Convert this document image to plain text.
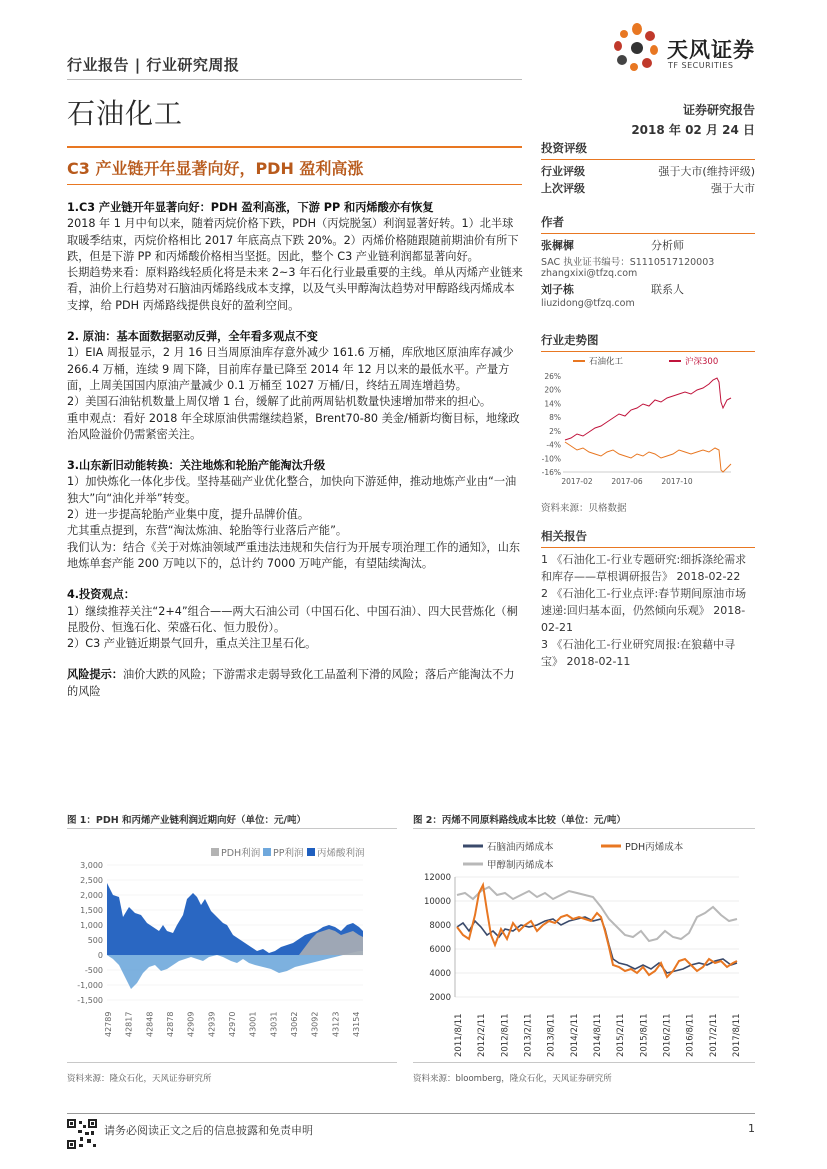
行业报告 | 行业研究周报
石油化工
天风证券
TF SECURITIES
证券研究报告
2018 年 02 月 24 日
C3 产业链开年显著向好，PDH 盈利高涨

1.C3 产业链开年显著向好：PDH 盈利高涨，下游 PP 和丙烯酸亦有恢复

2018 年 1 月中旬以来，随着丙烷价格下跌，PDH（丙烷脱氢）利润显著好转。1）北半球取暖季结束，丙烷价格相比 2017 年底高点下跌 20%。2）丙烯价格随跟随前期油价有所下跌，但是下游 PP 和丙烯酸价格相当坚挺。因此，整个 C3 产业链利润都显著向好。

长期趋势来看：原料路线轻质化将是未来 2~3 年石化行业最重要的主线。单从丙烯产业链来看，油价上行趋势对石脑油丙烯路线成本支撑，以及气头甲醇淘汰趋势对甲醇路线丙烯成本支撑，给 PDH 丙烯路线提供良好的盈利空间。

2. 原油：基本面数据驱动反弹，全年看多观点不变

1）EIA 周报显示，2 月 16 日当周原油库存意外减少 161.6 万桶，库欣地区原油库存减少 266.4 万桶，连续 9 周下降，目前库存量已降至 2014 年 12 月以来的最低水平。产量方面，上周美国国内原油产量减少 0.1 万桶至 1027 万桶/日，终结五周连增趋势。

2）美国石油钻机数量上周仅增 1 台，缓解了此前两周钻机数量快速增加带来的担心。

重申观点：看好 2018 年全球原油供需继续趋紧，Brent70-80 美金/桶新均衡目标，地缘政治风险溢价仍需紧密关注。

3.山东新旧动能转换：关注地炼和轮胎产能淘汰升级

1）加快炼化一体化步伐。坚持基础产业优化整合，加快向下游延伸，推动地炼产业由“一油独大”向“油化并举”转变。

2）进一步提高轮胎产业集中度，提升品牌价值。

尤其重点提到，东营“淘汰炼油、轮胎等行业落后产能”。

我们认为：结合《关于对炼油领域严重违法违规和失信行为开展专项治理工作的通知》，山东地炼单套产能 200 万吨以下的，总计约 7000 万吨产能，有望陆续淘汰。

4.投资观点：

1）继续推荐关注“2+4”组合——两大石油公司（中国石化、中国石油）、四大民营炼化（桐昆股份、恒逸石化、荣盛石化、恒力股份）。

2）C3 产业链近期景气回升，重点关注卫星石化。

风险提示：油价大跌的风险；下游需求走弱导致化工品盈利下滑的风险；落后产能淘汰不力的风险

投资评级
行业评级	强于大市(维持评级)
上次评级	强于大市
作者
张樨樨	分析师
SAC 执业证书编号：S1110517120003
zhangxixi@tfzq.com
刘子栋	联系人
liuzidong@tfzq.com
行业走势图
石油化工	沪深300
26%
20%
14%
8%
2%
-4%
-10%
-16%
2017-02 2017-06 2017-10
资料来源：贝格数据
相关报告
1 《石油化工-行业专题研究:细拆涤纶需求和库存——草根调研报告》 2018-02-22
2 《石油化工-行业点评:春节期间原油市场速递:回归基本面，仍然倾向乐观》 2018-02-21
3 《石油化工-行业研究周报:在狼藉中寻宝》 2018-02-11
图 1：PDH 和丙烯产业链利润近期向好（单位：元/吨）
PDH利润 PP利润 丙烯酸利润
3,000
2,500
2,000
1,500
1,000
500
0
-500
-1,000
-1,500
42789 42817 42848 42878 42909 42939 42970 43001 43031 43062 43092 43123 43154
资料来源：隆众石化，天风证券研究所
图 2：丙烯不同原料路线成本比较（单位：元/吨）
石脑油丙烯成本	PDH丙烯成本
甲醇制丙烯成本
12000
10000
8000
6000
4000
2000
2011/8/11 2012/2/11 2012/8/11 2013/2/11 2013/8/11 2014/2/11 2014/8/11 2015/2/11 2015/8/11 2016/2/11 2016/8/11 2017/2/11 2017/8/11
资料来源：bloomberg，隆众石化，天风证券研究所
请务必阅读正文之后的信息披露和免责申明	1
